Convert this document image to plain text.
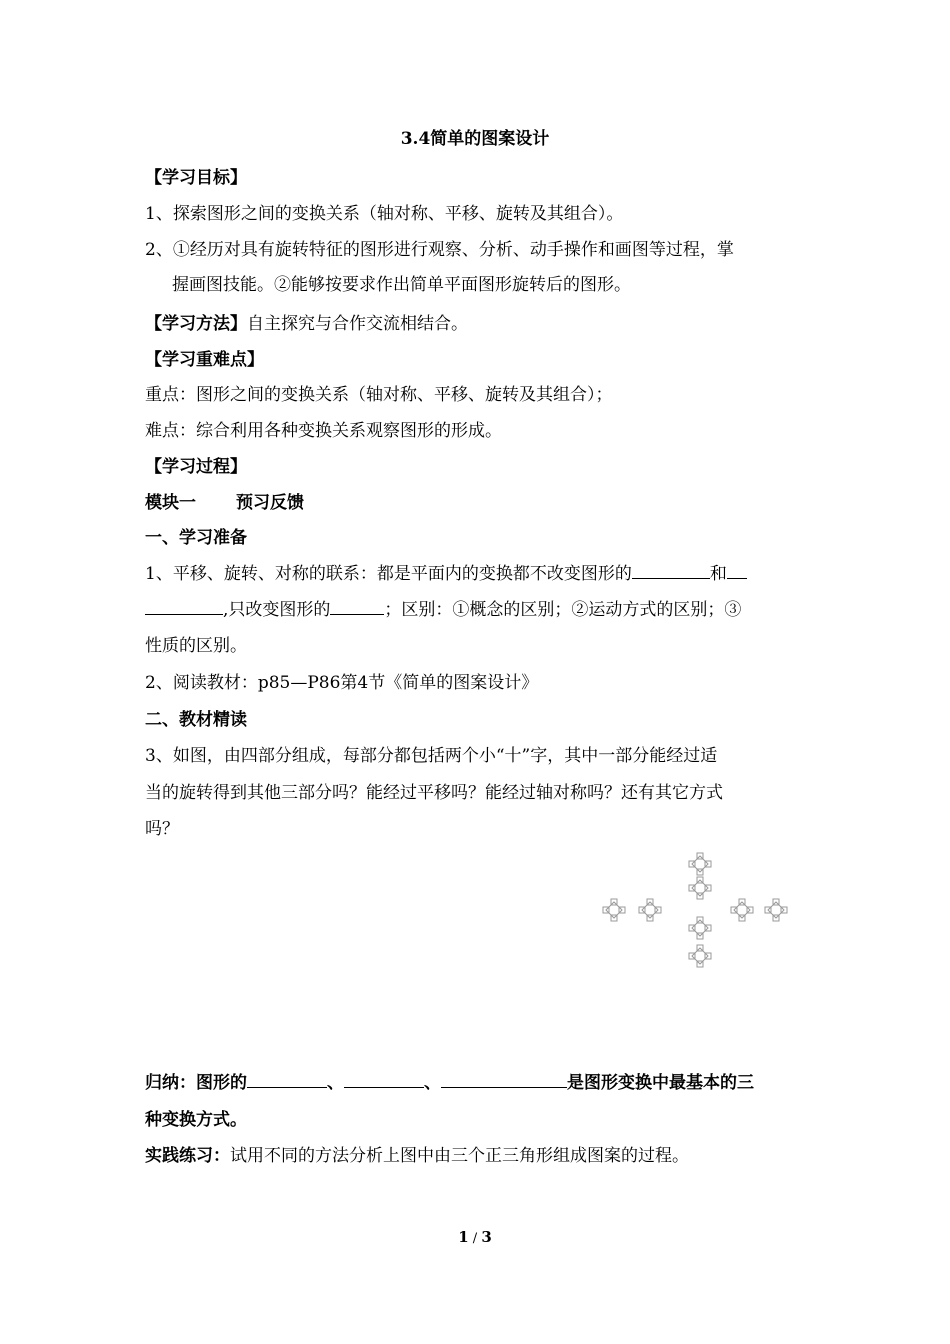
3.4简单的图案设计
【学习目标】
1、探索图形之间的变换关系（轴对称、平移、旋转及其组合）。
2、①经历对具有旋转特征的图形进行观察、分析、动手操作和画图等过程，掌
握画图技能。②能够按要求作出简单平面图形旋转后的图形。
【学习方法】自主探究与合作交流相结合。
【学习重难点】
重点：图形之间的变换关系（轴对称、平移、旋转及其组合）；
难点：综合利用各种变换关系观察图形的形成。
【学习过程】
模块一 预习反馈
一、学习准备
1、平移、旋转、对称的联系：都是平面内的变换都不改变图形的	和
,只改变图形的	；区别：①概念的区别；②运动方式的区别；③
性质的区别。
2、阅读教材：p85—P86第4节《简单的图案设计》
二、教材精读
3、如图，由四部分组成，每部分都包括两个小“十”字，其中一部分能经过适
当的旋转得到其他三部分吗？能经过平移吗？能经过轴对称吗？还有其它方式
吗？
归纳：图形的	、	、	是图形变换中最基本的三
种变换方式。
实践练习：试用不同的方法分析上图中由三个正三角形组成图案的过程。
1 / 3
